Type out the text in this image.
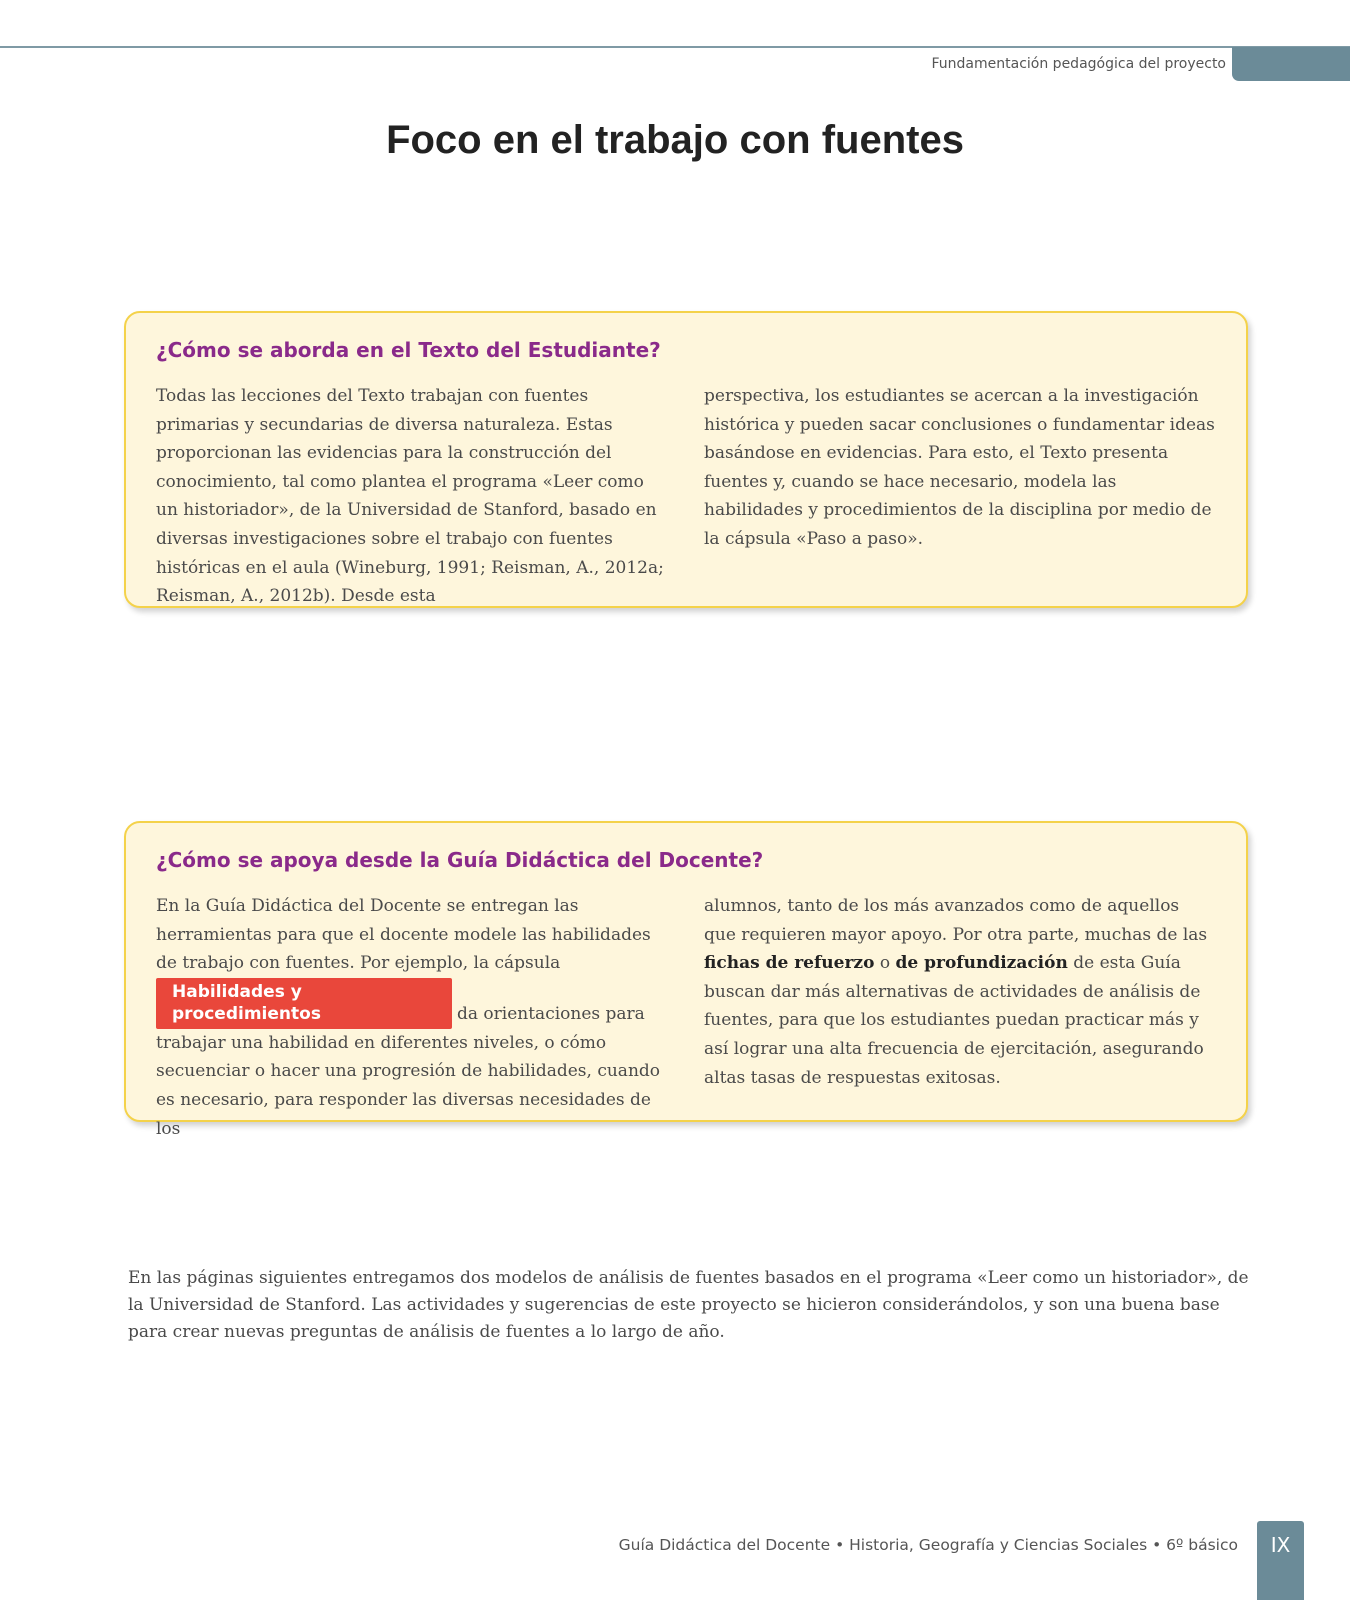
Fundamentación pedagógica del proyecto
Foco en el trabajo con fuentes
¿Cómo se aborda en el Texto del Estudiante?

Todas las lecciones del Texto trabajan con fuentes primarias y secundarias de diversa naturaleza. Estas proporcionan las evidencias para la construcción del conocimiento, tal como plantea el programa «Leer como un historiador», de la Universidad de Stanford, basado en diversas investigaciones sobre el trabajo con fuentes históricas en el aula (Wineburg, 1991; Reisman, A., 2012a; Reisman, A., 2012b). Desde esta

perspectiva, los estudiantes se acercan a la investigación histórica y pueden sacar conclusiones o fundamentar ideas basándose en evidencias. Para esto, el Texto presenta fuentes y, cuando se hace necesario, modela las habilidades y procedimientos de la disciplina por medio de la cápsula «Paso a paso».

¿Cómo se apoya desde la Guía Didáctica del Docente?

En la Guía Didáctica del Docente se entregan las herramientas para que el docente modele las habilidades de trabajo con fuentes. Por ejemplo, la cápsula
Habilidades y procedimientos	da orientaciones para trabajar una habilidad en diferentes niveles, o cómo secuenciar o hacer una progresión de habilidades, cuando es necesario, para responder las diversas necesidades de los

alumnos, tanto de los más avanzados como de aquellos que requieren mayor apoyo. Por otra parte, muchas de las fichas de refuerzo o de profundización de esta Guía buscan dar más alternativas de actividades de análisis de fuentes, para que los estudiantes puedan practicar más y así lograr una alta frecuencia de ejercitación, asegurando altas tasas de respuestas exitosas.

En las páginas siguientes entregamos dos modelos de análisis de fuentes basados en el programa «Leer como un historiador», de la Universidad de Stanford. Las actividades y sugerencias de este proyecto se hicieron considerándolos, y son una buena base para crear nuevas preguntas de análisis de fuentes a lo largo de año.

Guía Didáctica del Docente • Historia, Geografía y Ciencias Sociales • 6º básico	IX
